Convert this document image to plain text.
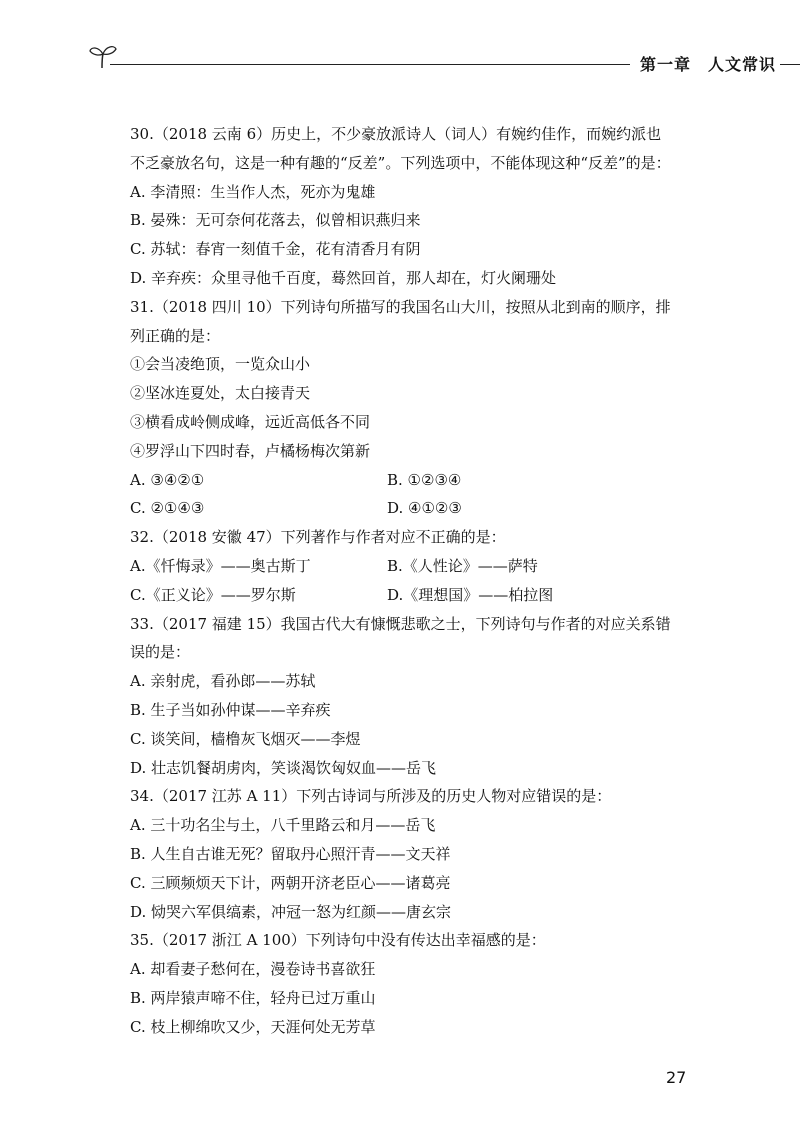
第一章　人文常识
30.（2018 云南 6）历史上，不少豪放派诗人（词人）有婉约佳作，而婉约派也
不乏豪放名句，这是一种有趣的“反差”。下列选项中，不能体现这种“反差”的是：
A. 李清照：生当作人杰，死亦为鬼雄
B. 晏殊：无可奈何花落去，似曾相识燕归来
C. 苏轼：春宵一刻值千金，花有清香月有阴
D. 辛弃疾：众里寻他千百度，蓦然回首，那人却在，灯火阑珊处
31.（2018 四川 10）下列诗句所描写的我国名山大川，按照从北到南的顺序，排
列正确的是：
①会当凌绝顶，一览众山小
②坚冰连夏处，太白接青天
③横看成岭侧成峰，远近高低各不同
④罗浮山下四时春，卢橘杨梅次第新
A. ③④②①	B. ①②③④
C. ②①④③	D. ④①②③
32.（2018 安徽 47）下列著作与作者对应不正确的是：
A.《忏悔录》——奥古斯丁	B.《人性论》——萨特
C.《正义论》——罗尔斯	D.《理想国》——柏拉图
33.（2017 福建 15）我国古代大有慷慨悲歌之士，下列诗句与作者的对应关系错
误的是：
A. 亲射虎，看孙郎——苏轼
B. 生子当如孙仲谋——辛弃疾
C. 谈笑间，樯橹灰飞烟灭——李煜
D. 壮志饥餐胡虏肉，笑谈渴饮匈奴血——岳飞
34.（2017 江苏 A 11）下列古诗词与所涉及的历史人物对应错误的是：
A. 三十功名尘与土，八千里路云和月——岳飞
B. 人生自古谁无死？留取丹心照汗青——文天祥
C. 三顾频烦天下计，两朝开济老臣心——诸葛亮
D. 恸哭六军俱缟素，冲冠一怒为红颜——唐玄宗
35.（2017 浙江 A 100）下列诗句中没有传达出幸福感的是：
A. 却看妻子愁何在，漫卷诗书喜欲狂
B. 两岸猿声啼不住，轻舟已过万重山
C. 枝上柳绵吹又少，天涯何处无芳草
27
